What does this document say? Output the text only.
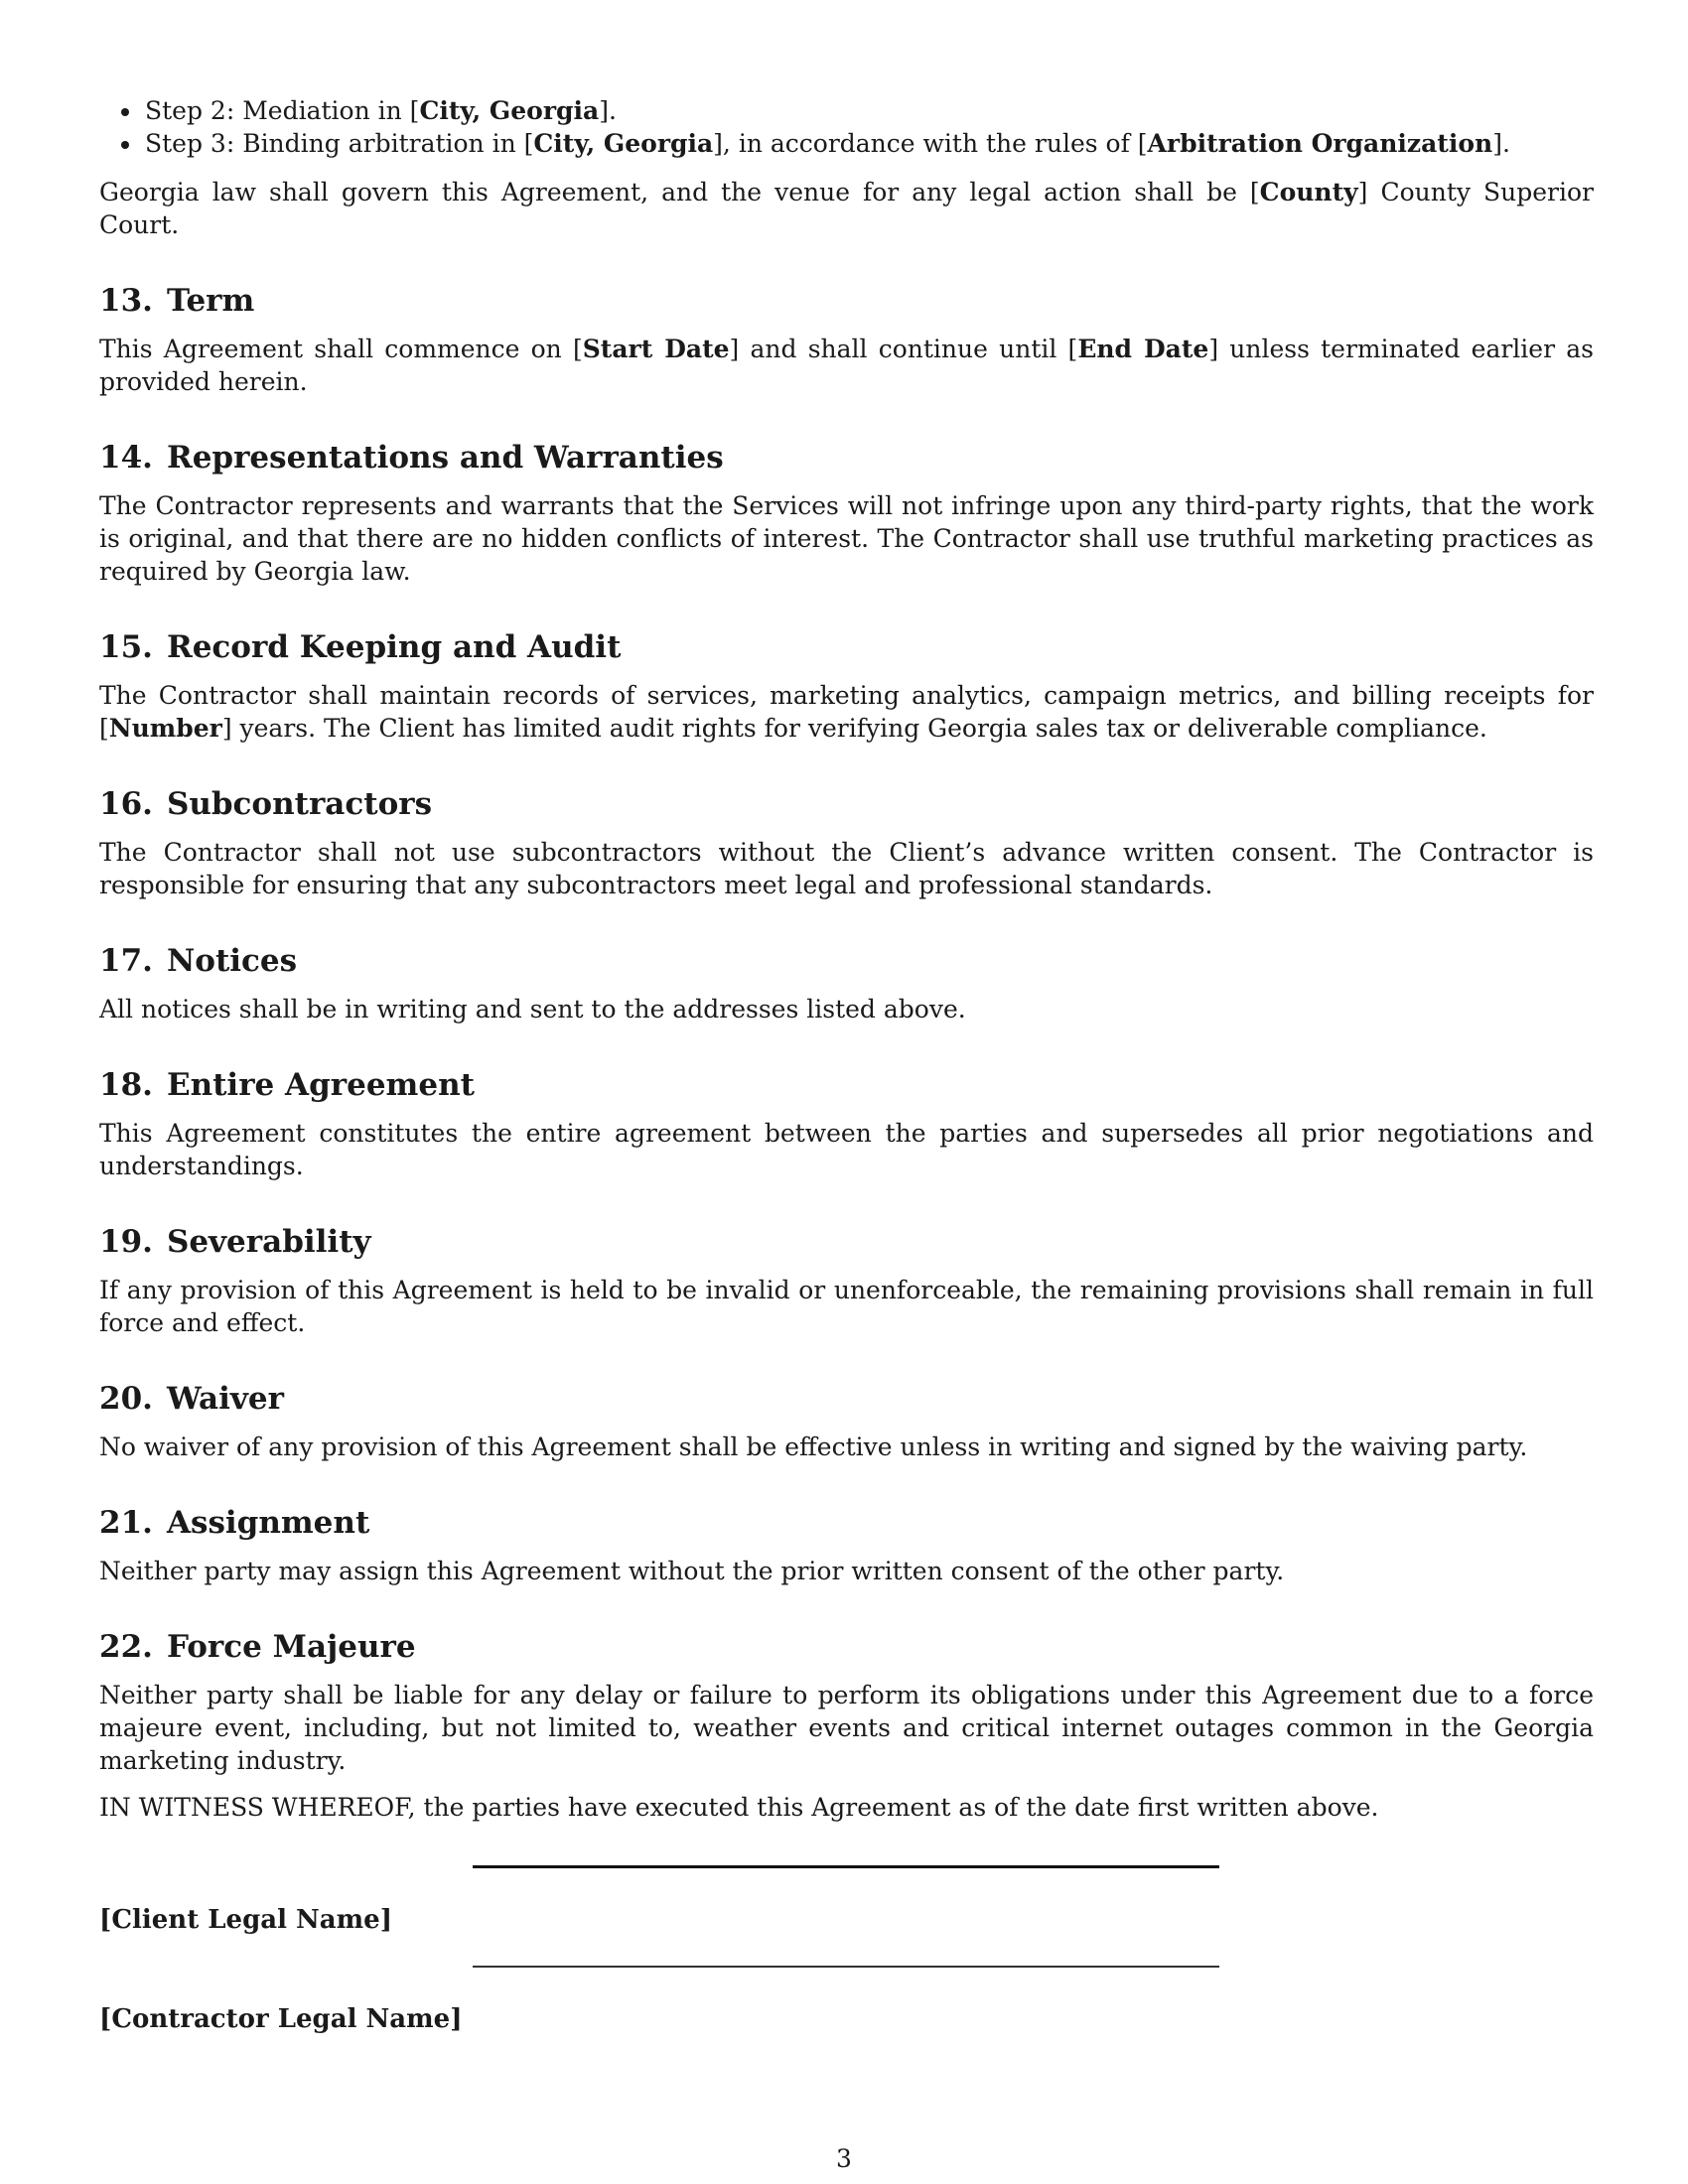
• Step 2: Mediation in [City, Georgia].
• Step 3: Binding arbitration in [City, Georgia], in accordance with the rules of [Arbitration Organization].

Georgia law shall govern this Agreement, and the venue for any legal action shall be [County] County Superior Court.

13. Term

This Agreement shall commence on [Start Date] and shall continue until [End Date] unless terminated earlier as provided herein.

14. Representations and Warranties

The Contractor represents and warrants that the Services will not infringe upon any third-party rights, that the work is original, and that there are no hidden conflicts of interest. The Contractor shall use truthful marketing practices as required by Georgia law.

15. Record Keeping and Audit

The Contractor shall maintain records of services, marketing analytics, campaign metrics, and billing receipts for [Number] years. The Client has limited audit rights for verifying Georgia sales tax or deliverable compliance.

16. Subcontractors

The Contractor shall not use subcontractors without the Client’s advance written consent. The Contractor is responsible for ensuring that any subcontractors meet legal and professional standards.

17. Notices

All notices shall be in writing and sent to the addresses listed above.

18. Entire Agreement

This Agreement constitutes the entire agreement between the parties and supersedes all prior negotiations and understandings.

19. Severability

If any provision of this Agreement is held to be invalid or unenforceable, the remaining provisions shall remain in full force and effect.

20. Waiver

No waiver of any provision of this Agreement shall be effective unless in writing and signed by the waiving party.

21. Assignment

Neither party may assign this Agreement without the prior written consent of the other party.

22. Force Majeure

Neither party shall be liable for any delay or failure to perform its obligations under this Agreement due to a force majeure event, including, but not limited to, weather events and critical internet outages common in the Georgia marketing industry.

IN WITNESS WHEREOF, the parties have executed this Agreement as of the date first written above.

[Client Legal Name]
[Contractor Legal Name]
3
